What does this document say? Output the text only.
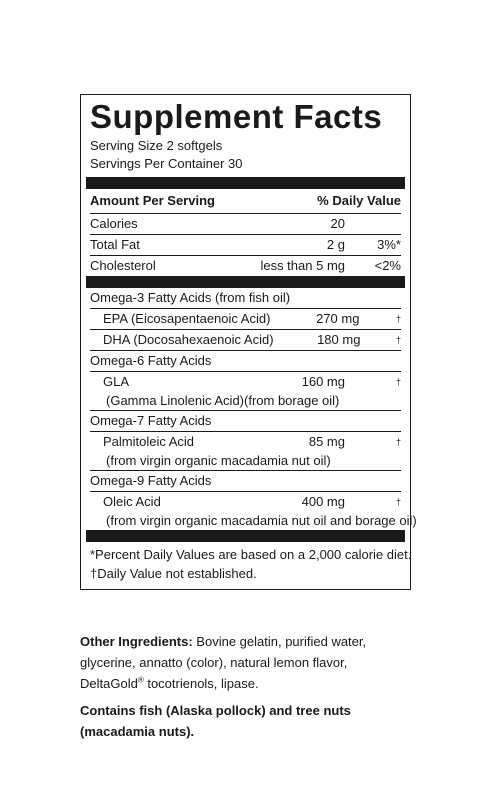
Supplement Facts
Serving Size 2 softgels
Servings Per Container 30
Amount Per Serving	% Daily Value
Calories	20
Total Fat	2 g	3%*
Cholesterol	less than 5 mg	<2%
Omega-3 Fatty Acids (from fish oil)
EPA (Eicosapentaenoic Acid)	270 mg	†
DHA (Docosahexaenoic Acid)	180 mg	†
Omega-6 Fatty Acids
GLA	160 mg	†
(Gamma Linolenic Acid)(from borage oil)
Omega-7 Fatty Acids
Palmitoleic Acid	85 mg	†
(from virgin organic macadamia nut oil)
Omega-9 Fatty Acids
Oleic Acid	400 mg	†
(from virgin organic macadamia nut oil and borage oil)
*Percent Daily Values are based on a 2,000 calorie diet.
†Daily Value not established.
Other Ingredients: Bovine gelatin, purified water, glycerine, annatto (color), natural lemon flavor, DeltaGold® tocotrienols, lipase.
Contains fish (Alaska pollock) and tree nuts (macadamia nuts).
